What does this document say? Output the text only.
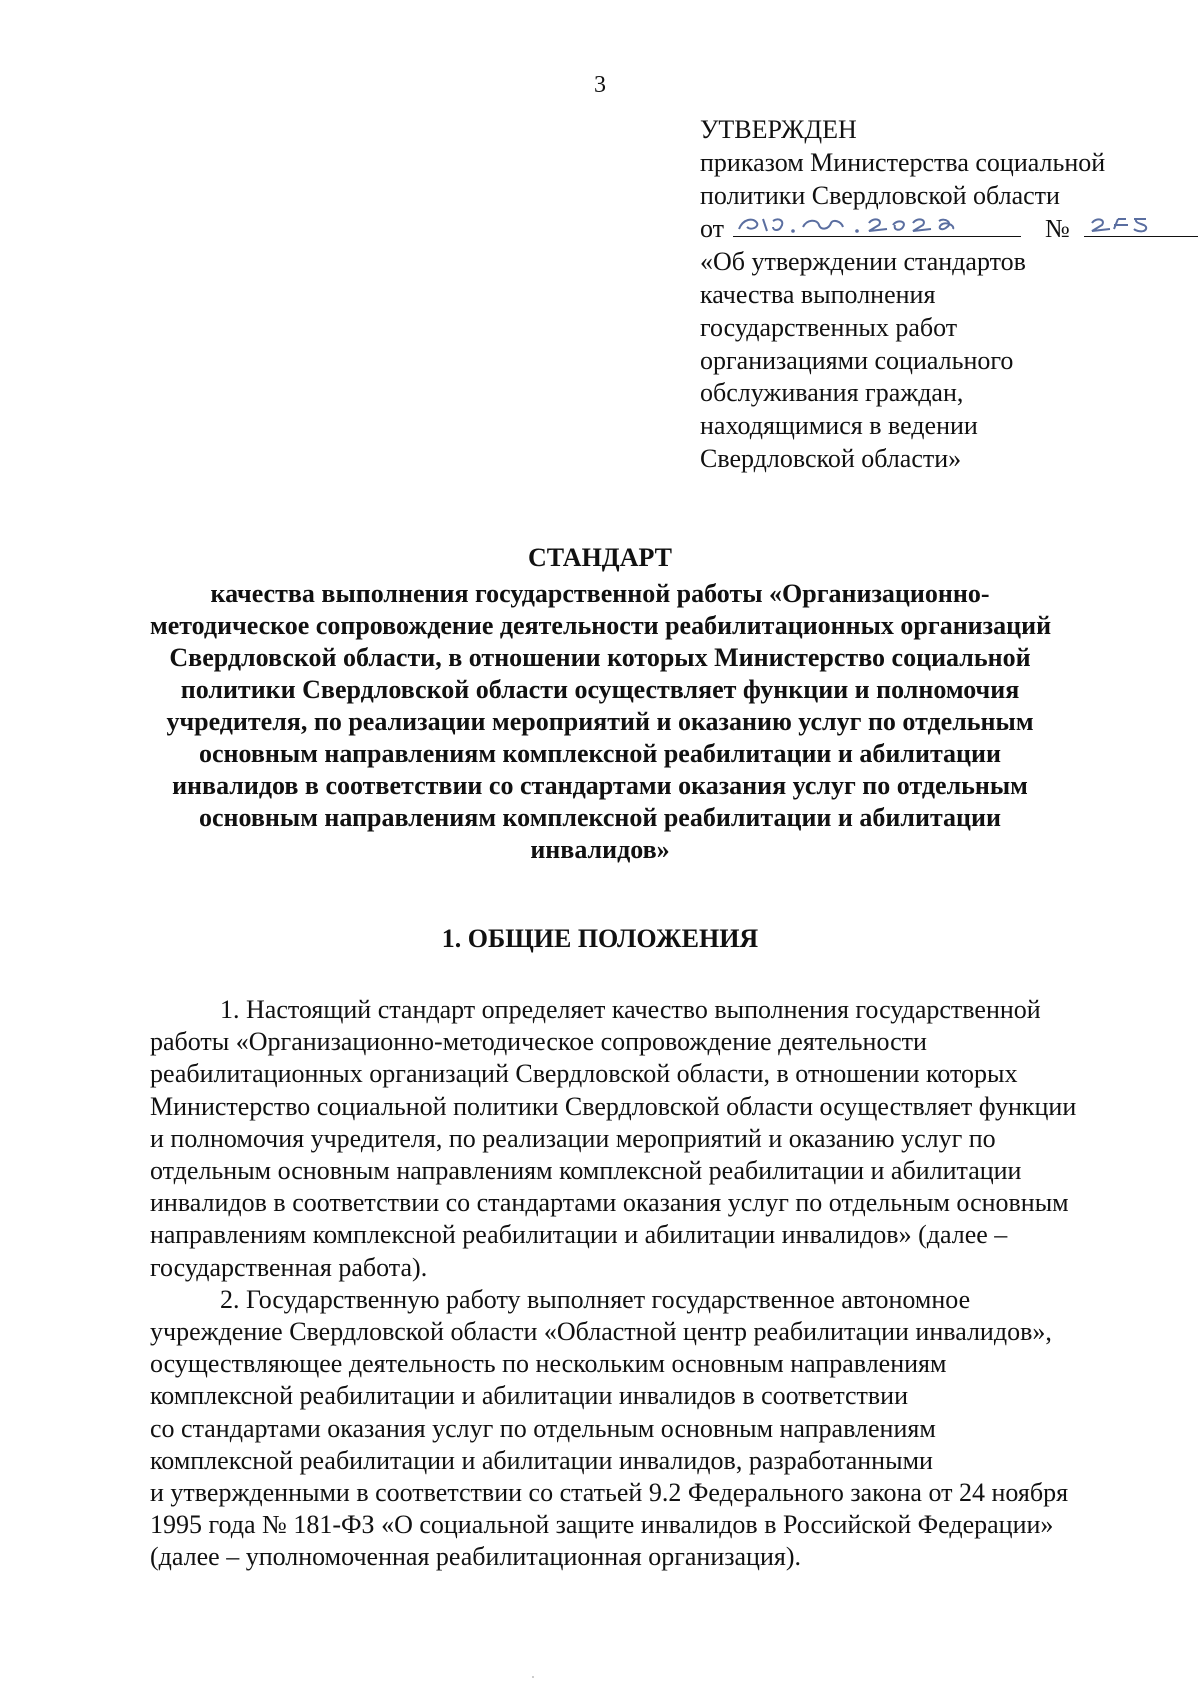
3
УТВЕРЖДЕН
приказом Министерства социальной
политики Свердловской области
от	№
«Об утверждении стандартов
качества выполнения
государственных работ
организациями социального
обслуживания граждан,
находящимися в ведении
Свердловской области»
СТАНДАРТ
качества выполнения государственной работы «Организационно-
методическое сопровождение деятельности реабилитационных организаций
Свердловской области, в отношении которых Министерство социальной
политики Свердловской области осуществляет функции и полномочия
учредителя, по реализации мероприятий и оказанию услуг по отдельным
основным направлениям комплексной реабилитации и абилитации
инвалидов в соответствии со стандартами оказания услуг по отдельным
основным направлениям комплексной реабилитации и абилитации
инвалидов»
1. ОБЩИЕ ПОЛОЖЕНИЯ
1. Настоящий стандарт определяет качество выполнения государственной
работы «Организационно-методическое сопровождение деятельности
реабилитационных организаций Свердловской области, в отношении которых
Министерство социальной политики Свердловской области осуществляет функции
и полномочия учредителя, по реализации мероприятий и оказанию услуг по
отдельным основным направлениям комплексной реабилитации и абилитации
инвалидов в соответствии со стандартами оказания услуг по отдельным основным
направлениям комплексной реабилитации и абилитации инвалидов» (далее –
государственная работа).
2. Государственную работу выполняет государственное автономное
учреждение Свердловской области «Областной центр реабилитации инвалидов»,
осуществляющее деятельность по нескольким основным направлениям
комплексной реабилитации и абилитации инвалидов в соответствии
со стандартами оказания услуг по отдельным основным направлениям
комплексной реабилитации и абилитации инвалидов, разработанными
и утвержденными в соответствии со статьей 9.2 Федерального закона от 24 ноября
1995 года № 181-ФЗ «О социальной защите инвалидов в Российской Федерации»
(далее – уполномоченная реабилитационная организация).
